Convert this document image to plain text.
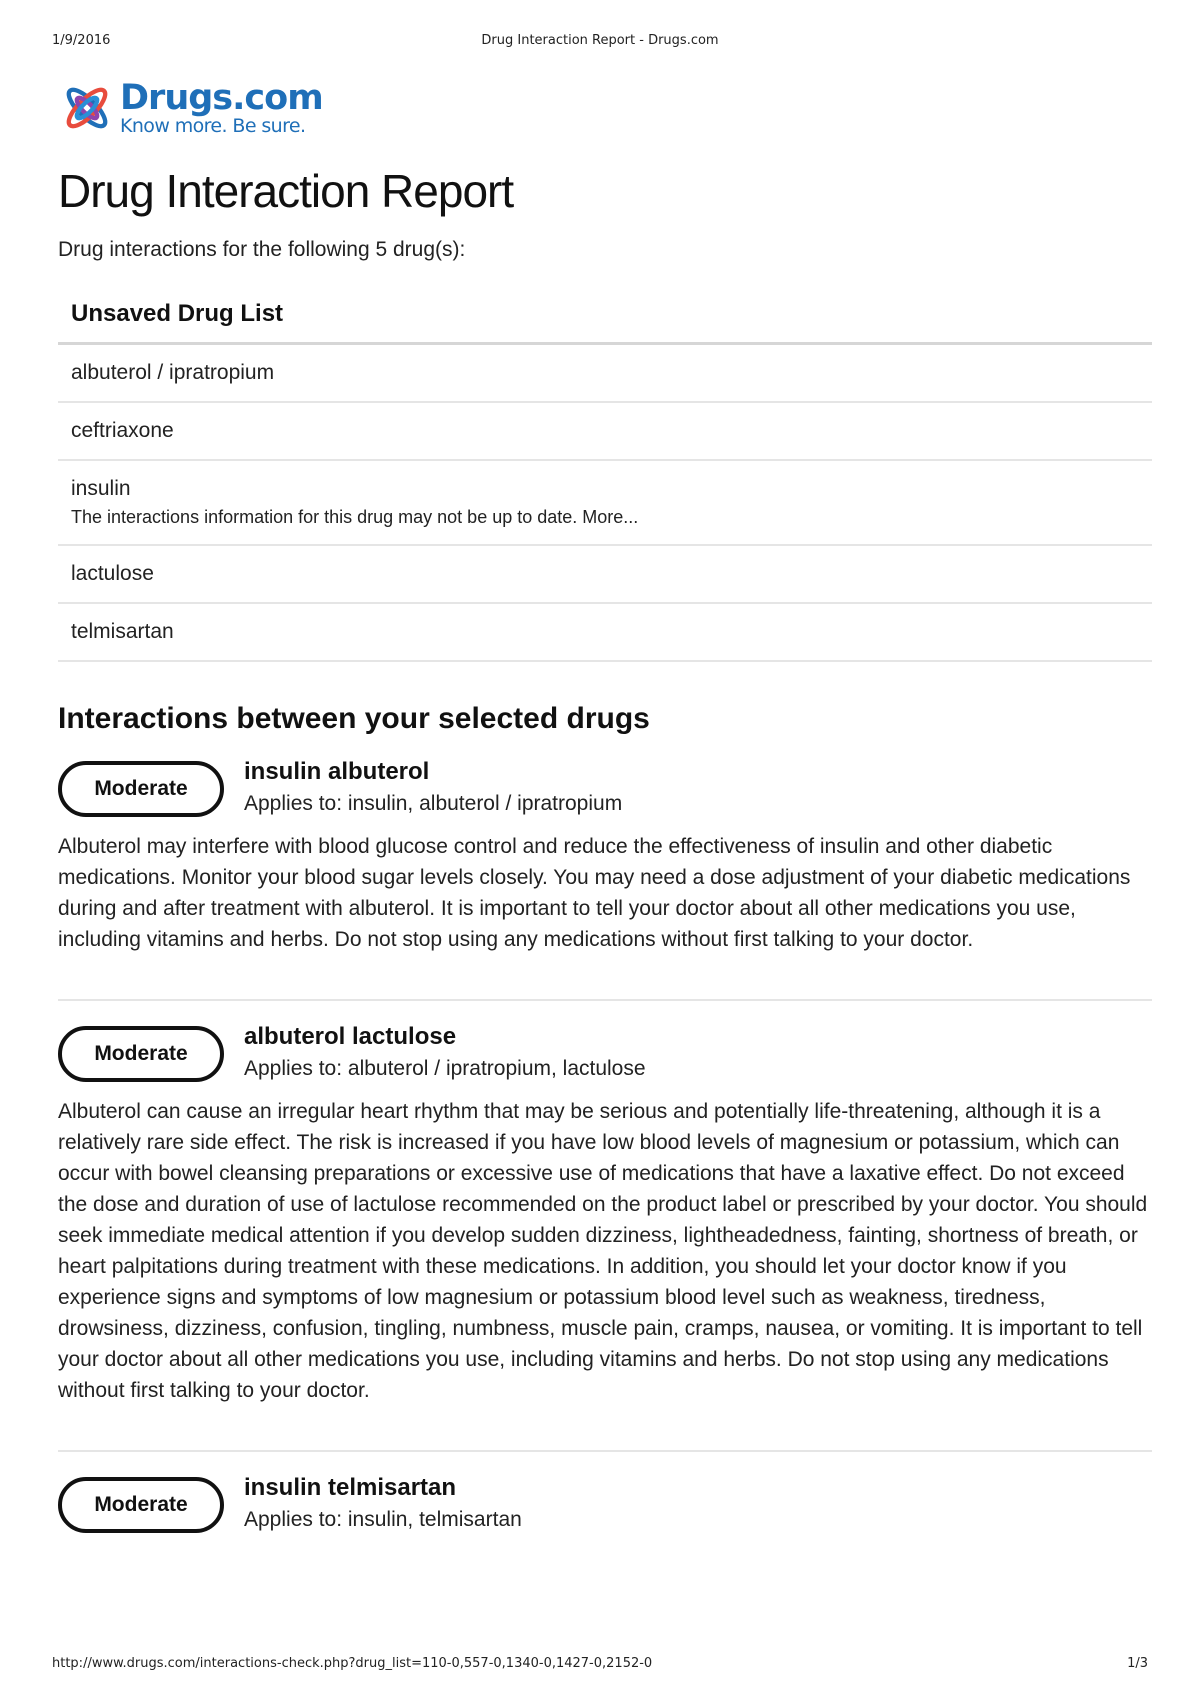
1/9/2016	Drug Interaction Report - Drugs.com
Drugs.com
Know more. Be sure.
Drug Interaction Report
Drug interactions for the following 5 drug(s):
Unsaved Drug List
albuterol / ipratropium
ceftriaxone
insulin
The interactions information for this drug may not be up to date. More...
lactulose
telmisartan
Interactions between your selected drugs
Moderate
insulin albuterol
Applies to: insulin, albuterol / ipratropium

Albuterol may interfere with blood glucose control and reduce the effectiveness of insulin and other diabetic medications. Monitor your blood sugar levels closely. You may need a dose adjustment of your diabetic medications during and after treatment with albuterol. It is important to tell your doctor about all other medications you use, including vitamins and herbs. Do not stop using any medications without first talking to your doctor.

Moderate
albuterol lactulose
Applies to: albuterol / ipratropium, lactulose

Albuterol can cause an irregular heart rhythm that may be serious and potentially life-threatening, although it is a relatively rare side effect. The risk is increased if you have low blood levels of magnesium or potassium, which can occur with bowel cleansing preparations or excessive use of medications that have a laxative effect. Do not exceed the dose and duration of use of lactulose recommended on the product label or prescribed by your doctor. You should seek immediate medical attention if you develop sudden dizziness, lightheadedness, fainting, shortness of breath, or heart palpitations during treatment with these medications. In addition, you should let your doctor know if you experience signs and symptoms of low magnesium or potassium blood level such as weakness, tiredness, drowsiness, dizziness, confusion, tingling, numbness, muscle pain, cramps, nausea, or vomiting. It is important to tell your doctor about all other medications you use, including vitamins and herbs. Do not stop using any medications without first talking to your doctor.

Moderate
insulin telmisartan
Applies to: insulin, telmisartan
http://www.drugs.com/interactions-check.php?drug_list=110-0,557-0,1340-0,1427-0,2152-0	1/3
